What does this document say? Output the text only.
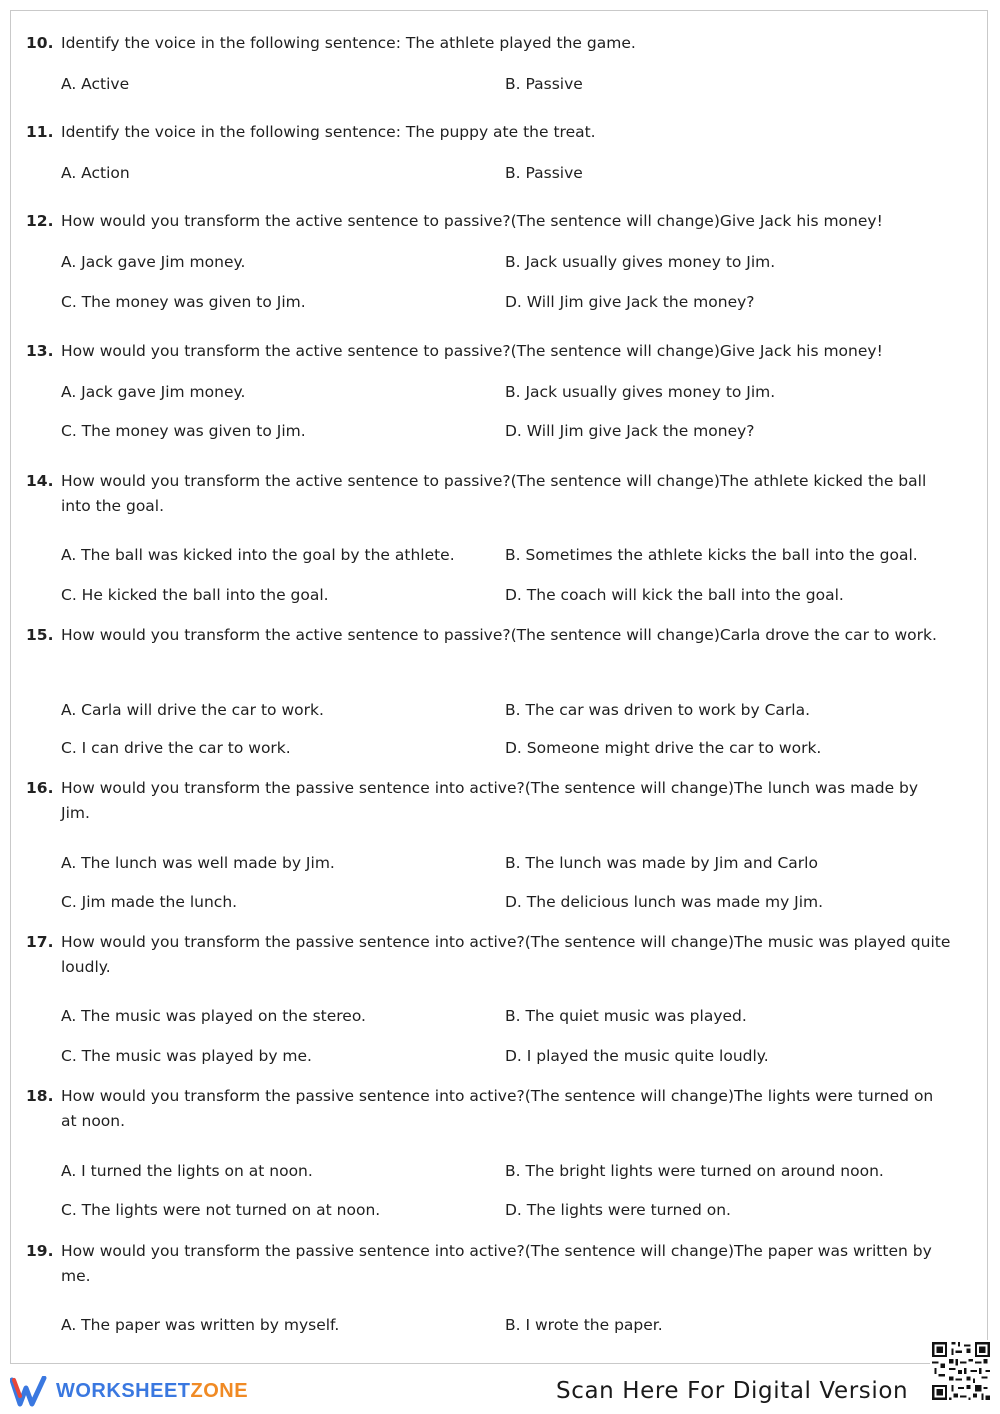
10. Identify the voice in the following sentence: The athlete played the game.
A. Active	B. Passive
11. Identify the voice in the following sentence: The puppy ate the treat.
A. Action	B. Passive
12. How would you transform the active sentence to passive?(The sentence will change)Give Jack his money!
A. Jack gave Jim money.	B. Jack usually gives money to Jim.
C. The money was given to Jim.	D. Will Jim give Jack the money?
13. How would you transform the active sentence to passive?(The sentence will change)Give Jack his money!
A. Jack gave Jim money.	B. Jack usually gives money to Jim.
C. The money was given to Jim.	D. Will Jim give Jack the money?
14. How would you transform the active sentence to passive?(The sentence will change)The athlete kicked the ball into the goal.
A. The ball was kicked into the goal by the athlete.	B. Sometimes the athlete kicks the ball into the goal.
C. He kicked the ball into the goal.	D. The coach will kick the ball into the goal.
15. How would you transform the active sentence to passive?(The sentence will change)Carla drove the car to work.
A. Carla will drive the car to work.	B. The car was driven to work by Carla.
C. I can drive the car to work.	D. Someone might drive the car to work.
16. How would you transform the passive sentence into active?(The sentence will change)The lunch was made by Jim.
A. The lunch was well made by Jim.	B. The lunch was made by Jim and Carlo
C. Jim made the lunch.	D. The delicious lunch was made my Jim.
17. How would you transform the passive sentence into active?(The sentence will change)The music was played quite loudly.
A. The music was played on the stereo.	B. The quiet music was played.
C. The music was played by me.	D. I played the music quite loudly.
18. How would you transform the passive sentence into active?(The sentence will change)The lights were turned on at noon.
A. I turned the lights on at noon.	B. The bright lights were turned on around noon.
C. The lights were not turned on at noon.	D. The lights were turned on.
19. How would you transform the passive sentence into active?(The sentence will change)The paper was written by me.
A. The paper was written by myself.	B. I wrote the paper.
WORKSHEETZONE	Scan Here For Digital Version
